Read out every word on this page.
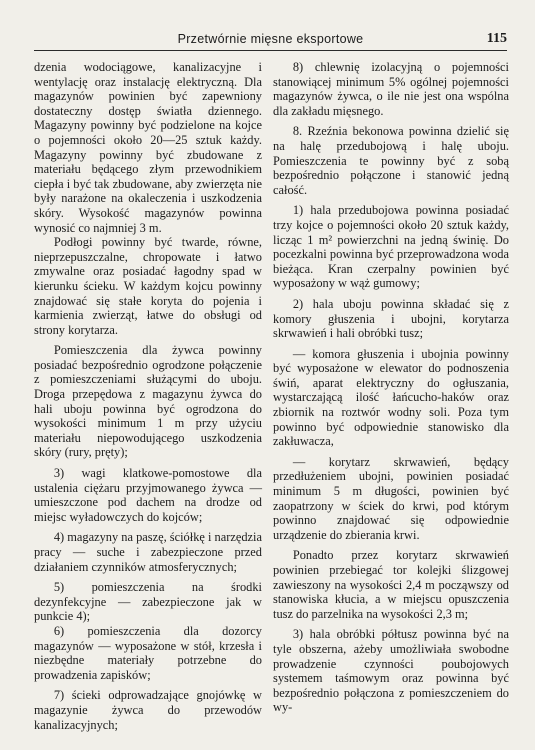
Przetwórnie mięsne eksportowe	115

dzenia wodociągowe, kanalizacyjne i wentylację oraz instalację elektryczną. Dla magazynów powinien być zapewniony dostateczny dostęp światła dziennego. Magazyny powinny być podzielone na kojce o pojemności około 20—25 sztuk każdy. Magazyny powinny być zbudowane z materiału będącego złym przewodnikiem ciepła i być tak zbudowane, aby zwierzęta nie były narażone na okaleczenia i uszkodzenia skóry. Wysokość magazynów powinna wynosić co najmniej 3 m.

Podłogi powinny być twarde, równe, nieprzepuszczalne, chropowate i łatwo zmywalne oraz posiadać łagodny spad w kierunku ścieku. W każdym kojcu powinny znajdować się stałe koryta do pojenia i karmienia zwierząt, łatwe do obsługi od strony korytarza.

Pomieszczenia dla żywca powinny posiadać bezpośrednio ogrodzone połączenie z pomieszczeniami służącymi do uboju. Droga przepędowa z magazynu żywca do hali uboju powinna być ogrodzona do wysokości minimum 1 m przy użyciu materiału niepowodującego uszkodzenia skóry (rury, pręty);

3) wagi klatkowe-pomostowe dla ustalenia ciężaru przyjmowanego żywca — umieszczone pod dachem na drodze od miejsc wyładowczych do kojców;

4) magazyny na paszę, ściółkę i narzędzia pracy — suche i zabezpieczone przed działaniem czynników atmosferycznych;

5) pomieszczenia na środki dezynfekcyjne — zabezpieczone jak w punkcie 4);

6) pomieszczenia dla dozorcy magazynów — wyposażone w stół, krzesła i niezbędne materiały potrzebne do prowadzenia zapisków;

7) ścieki odprowadzające gnojówkę w magazynie żywca do przewodów kanalizacyjnych;

8) chlewnię izolacyjną o pojemności stanowiącej minimum 5% ogólnej pojemności magazynów żywca, o ile nie jest ona wspólna dla zakładu mięsnego.

8. Rzeźnia bekonowa powinna dzielić się na halę przedubojową i halę uboju. Pomieszczenia te powinny być z sobą bezpośrednio połączone i stanowić jedną całość.

1) hala przedubojowa powinna posiadać trzy kojce o pojemności około 20 sztuk każdy, licząc 1 m² powierzchni na jedną świnię. Do pocezkalni powinna być przeprowadzona woda bieżąca. Kran czerpalny powinien być wyposażony w wąż gumowy;

2) hala uboju powinna składać się z komory głuszenia i ubojni, korytarza skrwawień i hali obróbki tusz;

— komora głuszenia i ubojnia powinny być wyposażone w elewator do podnoszenia świń, aparat elektryczny do ogłuszania, wystarczającą ilość łańcucho-haków oraz zbiornik na roztwór wodny soli. Poza tym powinno być odpowiednie stanowisko dla zakłuwacza,

— korytarz skrwawień, będący przedłużeniem ubojni, powinien posiadać minimum 5 m długości, powinien być zaopatrzony w ściek do krwi, pod którym powinno znajdować się odpowiednie urządzenie do zbierania krwi.

Ponadto przez korytarz skrwawień powinien przebiegać tor kolejki ślizgowej zawieszony na wysokości 2,4 m począwszy od stanowiska kłucia, a w miejscu opuszczenia tusz do parzelnika na wysokości 2,3 m;

3) hala obróbki półtusz powinna być na tyle obszerna, ażeby umożliwiała swobodne prowadzenie czynności poubojowych systemem taśmowym oraz powinna być bezpośrednio połączona z pomieszczeniem do wy-
